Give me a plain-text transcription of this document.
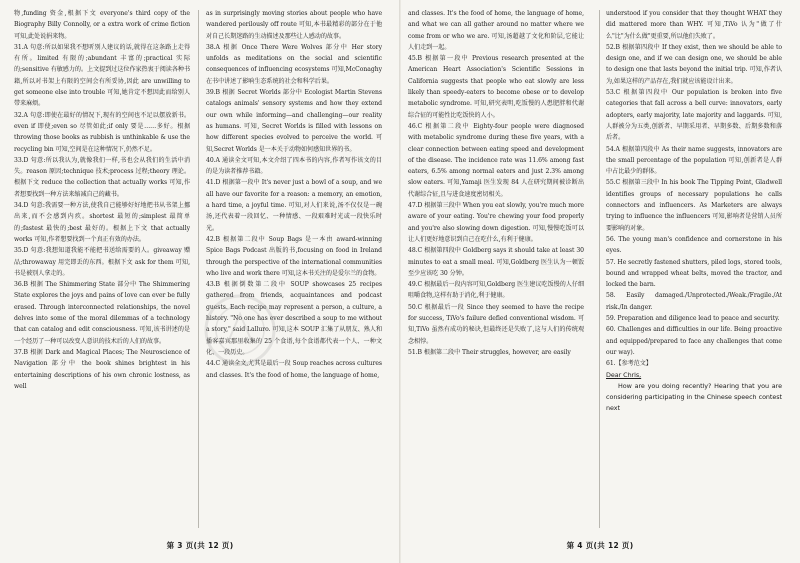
物,funding 资金,根据下文 everyone's third copy of the Biography Billy Connolly, or a extra work of crime fiction 可知,此处说捐来物。

31.A 句意:所以如果我不想听别人建议的话,就得在这条路上走得有所。limited 有限的;abundant 丰富的;practical 实际的;sensitive 有敏感力的。上文提到过这位作家热衷于阅读各种书籍,所以对书架上有限的空间会有所妥协,因此 are unwilling to get someone else into trouble 可知,她肯定不想因此而给别人带来麻烦。

32.A 句意:即使在最好的情况下,现有的空间也不足以摆放新书。even if 即使;even so 尽管如此;if only 要是……多好。根据 throwing those books as rubbish is unthinkable & use the recycling bin 可知,空间是在这种情况下,仍然不足。

33.D 句意:所以我认为,就像我们一样,书也会从我们的生活中消失。reason 原因;technique 技术;process 过程;theory 理论。根据下文 reduce the collection that actually works 可知,作者想要找到一种方法来缩减自己的藏书。

34.D 句意:我需要一种方法,使我自己能够好好地把书从书架上挪出来,而不会感到内疚。shortest 最短的;simplest 最简单的;fastest 最快的;best 最好的。根据上下文 that actually works 可知,作者想要找到一个真正有效的办法。

35.D 句意:我想知道我能不能把书送给需要的人。giveaway 赠品;throwaway 用完即丢的东西。根据下文 ask for them 可知,书是被别人拿走的。

36.B 根据 The Shimmering State 部分中 The Shimmering State explores the joys and pains of love can ever be fully erased. Through interconnected relationships, the novel delves into some of the moral dilemmas of a technology that can catalog and edit consciousness. 可知,该书讲述的是一个经历了一种可以改变人意识的技术后的人们的故事。

37.B 根据 Dark and Magical Places; The Neuroscience of Navigation 部分中 the book shines brightest in his entertaining descriptions of his own chronic lostness, as well

as in surprisingly moving stories about people who have wandered perilously off route 可知,本书最精彩的部分在于他对自己长期迷路的生动描述及那些让人感动的故事。

38.A 根据 Once There Were Wolves 部分中 Her story unfolds as meditations on the social and scientific consequences of influencing ecosystems 可知,McConaghy 在书中讲述了影响生态系统的社会和科学后果。

39.B 根据 Secret Worlds 部分中 Ecologist Martin Stevens catalogs animals' sensory systems and how they extend our own while informing—and challenging—our reality as humans. 可知, Secret Worlds is filled with lessons on how different species evolved to perceive the world. 可知,Secret Worlds 是一本关于动物如何感知世界的书。

40.A 通读全文可知,本文介绍了四本书的内容,作者写作该文的目的是为读者推荐书籍。

41.D 根据第一段中 It's never just a bowl of a soup, and we all have our favorite for a reason: a memory, an emotion, a hard time, a joyful time. 可知,对人们来说,汤不仅仅是一碗汤,还代表着一段回忆、一种情感、一段艰难时光或一段快乐时光。

42.B 根据第二段中 Soup Bags 是一本由 award-winning Spice Bags Podcast 出版的书,focusing on food in Ireland through the perspective of the international communities who live and work there 可知,这本书关注的是爱尔兰的食物。

43.B 根据倒数第二段中 SOUP showcases 25 recipes gathered from friends, acquaintances and podcast guests. Each recipe may represent a person, a culture, a history. "No one has ever described a soup to me without a story," said Lalluro. 可知,这本 SOUP 汇集了从朋友、熟人和播客嘉宾那里收集的 25 个食谱,每个食谱都代表一个人、一种文化、一段历史。

44.C 通读全文,尤其是最后一段 Soup reaches across cultures and classes. It's the food of home, the language of home,

第 3 页(共 12 页)

and classes. It's the food of home, the language of home, and what we can all gather around no matter where we come from or who we are. 可知,汤超越了文化和阶层,它能让人们走到一起。

45.B 根据第一段中 Previous research presented at the American Heart Association's Scientific Sessions in California suggests that people who eat slowly are less likely than speedy-eaters to become obese or to develop metabolic syndrome. 可知,研究表明,吃饭慢的人患肥胖和代谢综合征的可能性比吃饭快的人小。

46.C 根据第二段中 Eighty-four people were diagnosed with metabolic syndrome during these five years, with a clear connection between eating speed and development of the disease. The incidence rate was 11.6% among fast eaters, 6.5% among normal eaters and just 2.3% among slow eaters. 可知,Yamaji 医生发现 84 人在研究期间被诊断出代谢综合征,且与进食速度密切相关。

47.D 根据第三段中 When you eat slowly, you're much more aware of your eating. You're chewing your food properly and you're also slowing down digestion. 可知,慢慢吃饭可以让人们更好地意识到自己在吃什么,有利于健康。

48.C 根据第四段中 Goldberg says it should take at least 30 minutes to eat a small meal. 可知,Goldberg 医生认为一顿饭至少应该吃 30 分钟。

49.C 根据最后一段内容可知,Goldberg 医生建议吃饭慢的人仔细咀嚼食物,这样有助于消化,利于健康。

50.C 根据最后一段 Since they seemed to have the recipe for success, TiVo's failure defied conventional wisdom. 可知,TiVo 虽然有成功的秘诀,但最终还是失败了,这与人们的传统观念相悖。

51.B 根据第二段中 Their struggles, however, are easily

understood if you consider that they thought WHAT they did mattered more than WHY. 可知,TiVo 认为"做了什么"比"为什么做"更重要,所以他们失败了。

52.B 根据第四段中 If they exist, then we should be able to design one, and if we can design one, we should be able to design one that lasts beyond the initial trip. 可知,作者认为,如果这样的产品存在,我们就应该能设计出来。

53.C 根据第四段中 Our population is broken into five categories that fall across a bell curve: innovators, early adopters, early majority, late majority and laggards. 可知,人群被分为五类,创新者、早期采用者、早期多数、后期多数和落后者。

54.A 根据第四段中 As their name suggests, innovators are the small percentage of the population 可知,创新者是人群中占比最少的群体。

55.C 根据第三段中 In his book The Tipping Point, Gladwell identifies groups of necessary populations he calls connectors and influencers. As Marketers are always trying to influence the influencers 可知,影响者是营销人员所要影响的对象。

56. The young man's confidence and cornerstone in his eyes.

57. He secretly fastened shutters, piled logs, stored tools, bound and wrapped wheat belts, moved the tractor, and locked the barn.

58. Easily damaged./Unprotected./Weak./Fragile./At risk./In danger.

59. Preparation and diligence lead to peace and security.

60. Challenges and difficulties in our life. Being proactive and equipped/prepared to face any challenges that come our way).

61.【参考范文】

Dear Chris,

How are you doing recently? Hearing that you are considering participating in the Chinese speech contest next

第 4 页(共 12 页)
